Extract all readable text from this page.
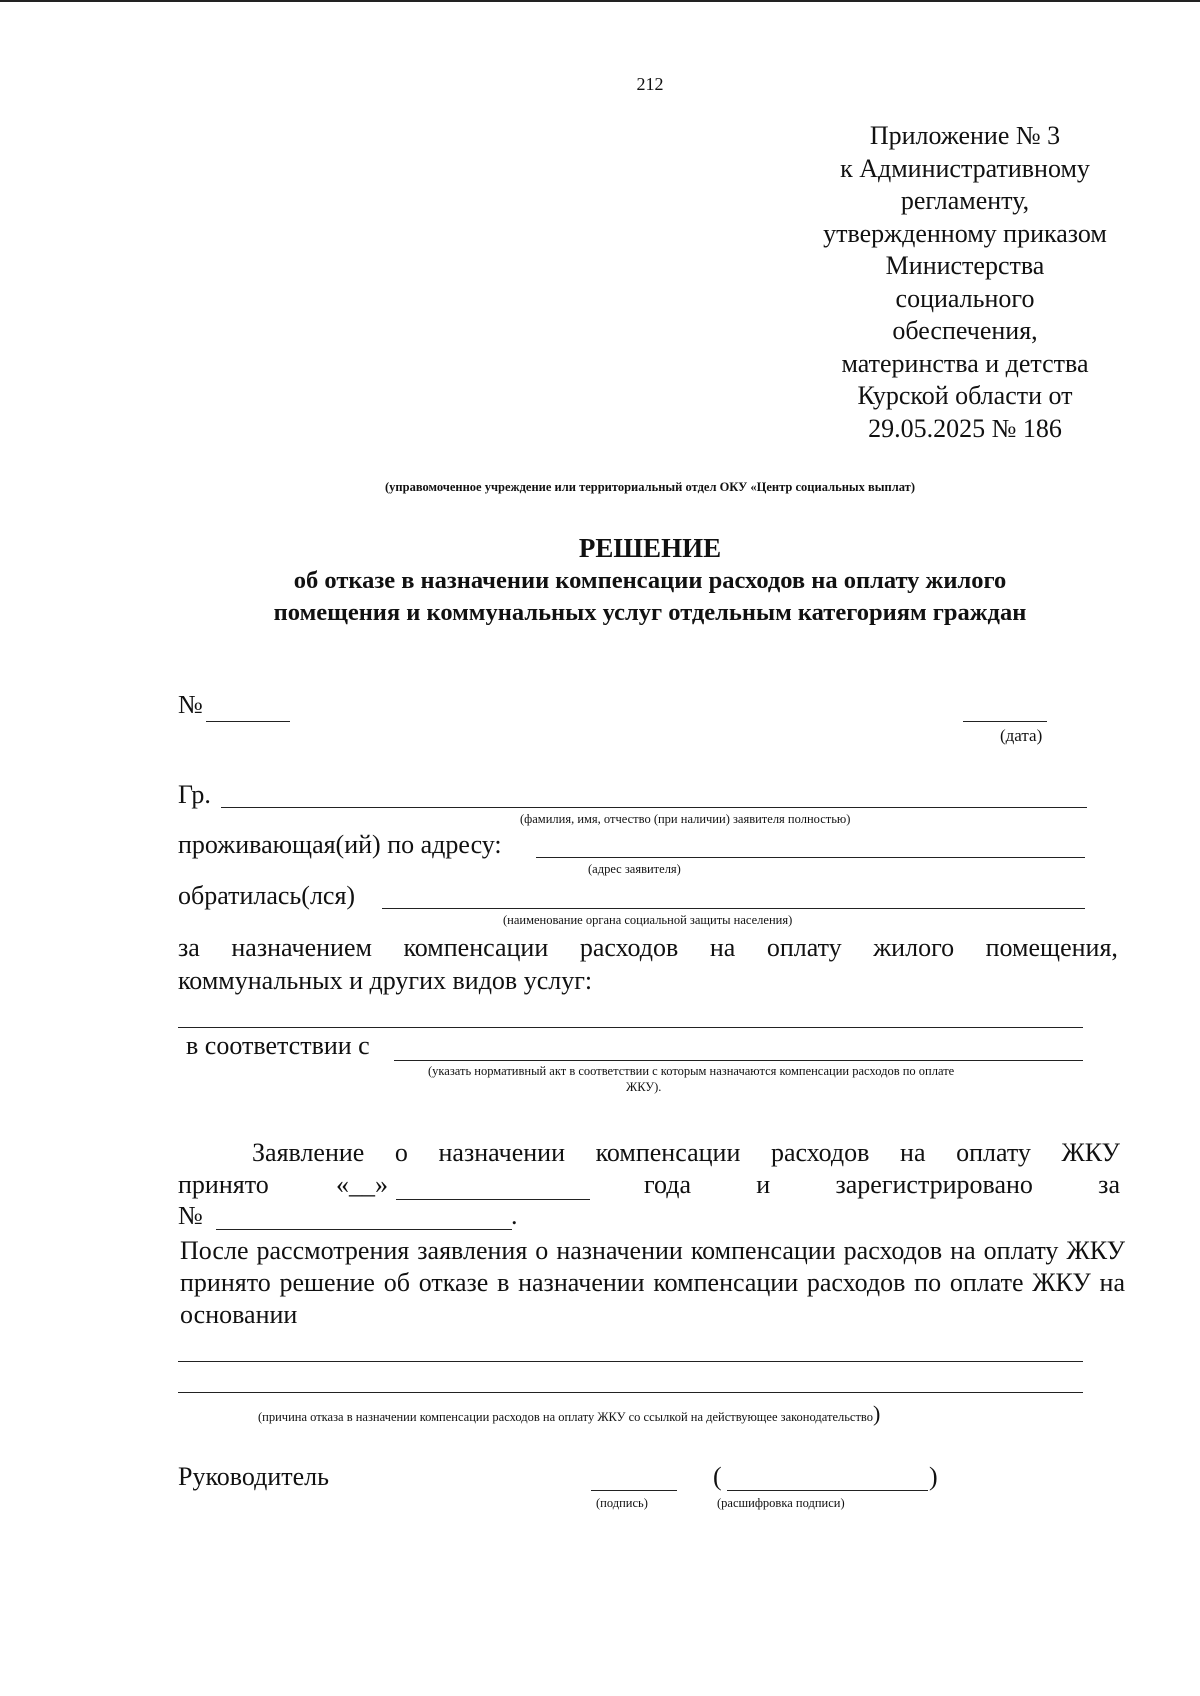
212
Приложение № 3
к Административному
регламенту,
утвержденному приказом
Министерства
социального
обеспечения,
материнства и детства
Курской области от
29.05.2025 № 186
(управомоченное учреждение или территориальный отдел ОКУ «Центр социальных выплат)
РЕШЕНИЕ
об отказе в назначении компенсации расходов на оплату жилого
помещения и коммунальных услуг отдельным категориям граждан
№
(дата)
Гр.
(фамилия, имя, отчество (при наличии) заявителя полностью)
проживающая(ий) по адресу:
(адрес заявителя)
обратилась(лся)
(наименование органа социальной защиты населения)
за назначением компенсации расходов на оплату жилого помещения,
коммунальных и других видов услуг:
в соответствии с
(указать нормативный акт в соответствии с которым назначаются компенсации расходов по оплате
ЖКУ).
Заявление о назначении компенсации расходов на оплату ЖКУ
принято	«__»	года	и	зарегистрировано	за
№	.
После рассмотрения заявления о назначении компенсации расходов на оплату ЖКУ принято решение об отказе в назначении компенсации расходов по оплате ЖКУ на основании
(причина отказа в назначении компенсации расходов на оплату ЖКУ со ссылкой на действующее законодательство)
Руководитель
(подпись)
(	)
(расшифровка подписи)
